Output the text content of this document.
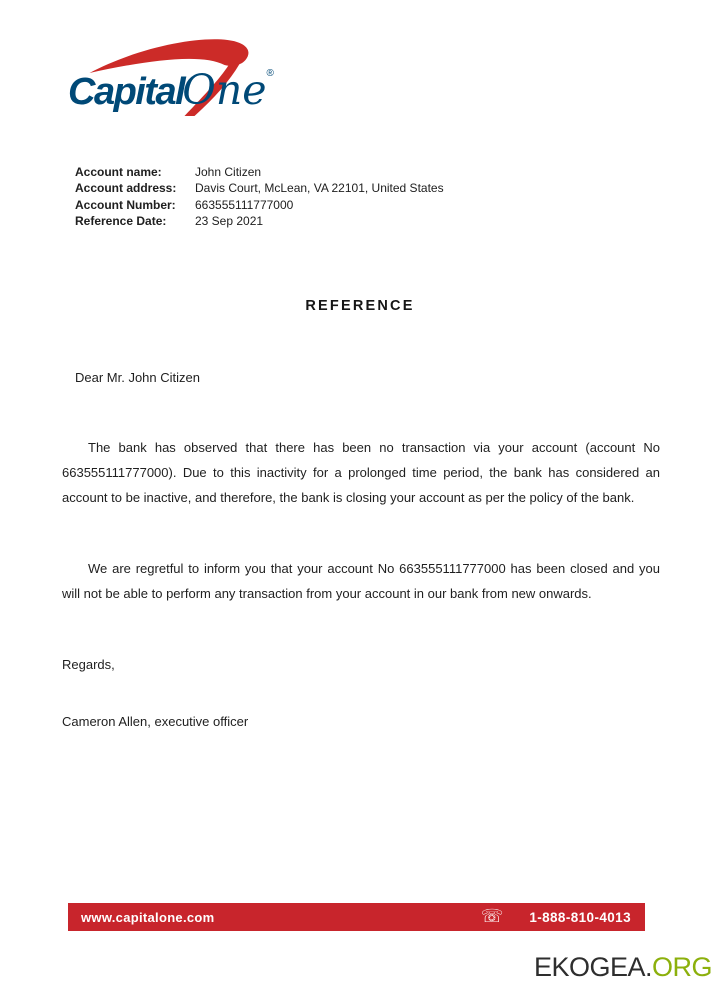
CapitalOne®
Account name:	John Citizen
Account address: Davis Court, McLean, VA 22101, United States
Account Number: 663555111777000
Reference Date: 23 Sep 2021
REFERENCE
Dear Mr. John Citizen

The bank has observed that there has been no transaction via your account (account No 663555111777000). Due to this inactivity for a prolonged time period, the bank has considered an account to be inactive, and therefore, the bank is closing your account as per the policy of the bank.

We are regretful to inform you that your account No 663555111777000 has been closed and you will not be able to perform any transaction from your account in our bank from new onwards.

Regards,
Cameron Allen, executive officer
www.capitalone.com	☏ 1-888-810-4013
EKOGEA.ORG
